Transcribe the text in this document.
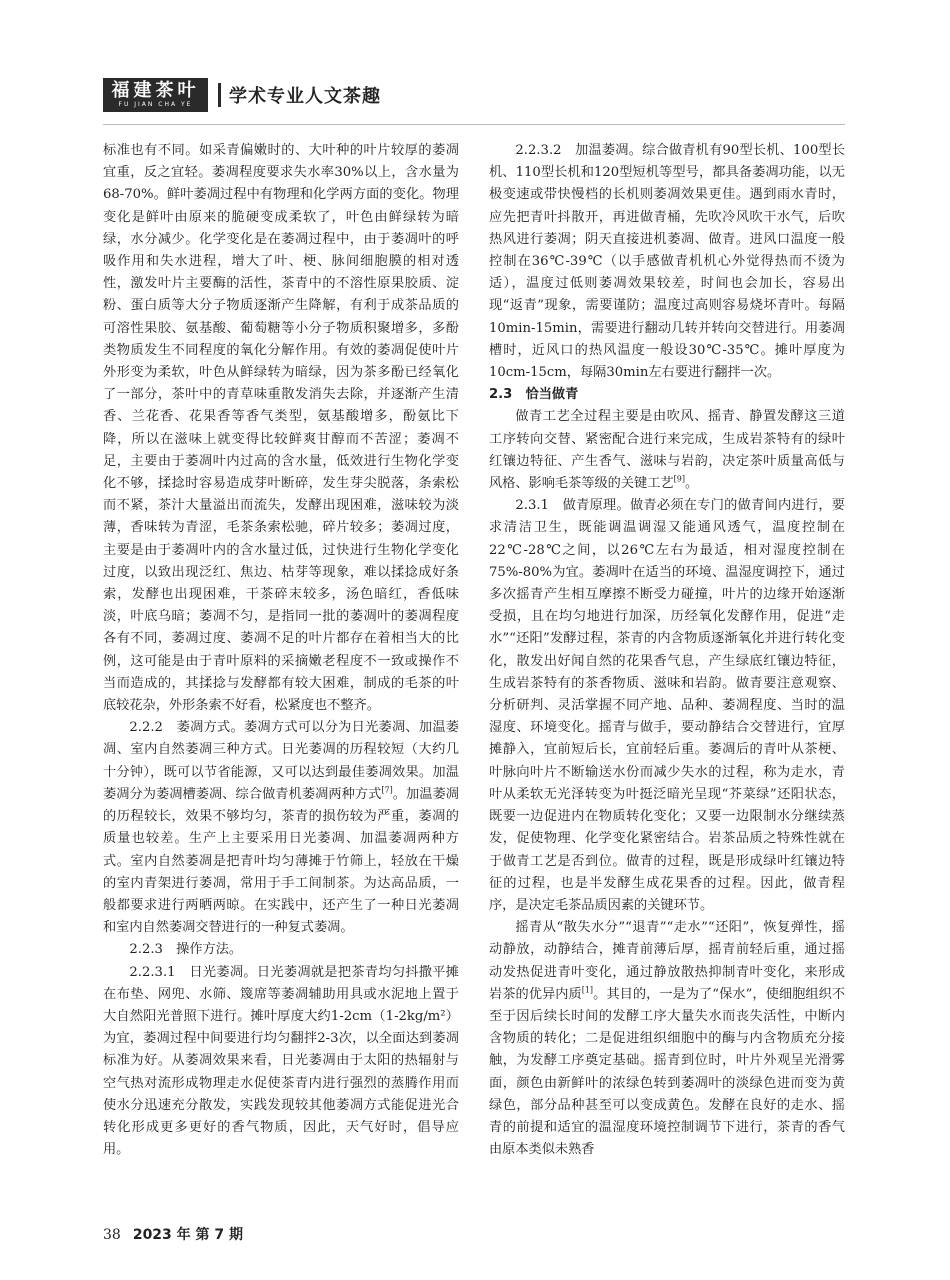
福建茶叶
FU JIAN CHA YE 学术专业人文茶趣

标准也有不同。如采青偏嫩时的、大叶种的叶片较厚的萎凋宜重，反之宜轻。萎凋程度要求失水率30%以上，含水量为68-70%。鲜叶萎凋过程中有物理和化学两方面的变化。物理变化是鲜叶由原来的脆硬变成柔软了，叶色由鲜绿转为暗绿，水分减少。化学变化是在萎凋过程中，由于萎凋叶的呼吸作用和失水进程，增大了叶、梗、脉间细胞膜的相对透性，激发叶片主要酶的活性，茶青中的不溶性原果胶质、淀粉、蛋白质等大分子物质逐渐产生降解，有利于成茶品质的可溶性果胶、氨基酸、葡萄糖等小分子物质积聚增多，多酚类物质发生不同程度的氧化分解作用。有效的萎凋促使叶片外形变为柔软，叶色从鲜绿转为暗绿，因为茶多酚已经氧化了一部分，茶叶中的青草味重散发消失去除，并逐渐产生清香、兰花香、花果香等香气类型，氨基酸增多，酚氨比下降，所以在滋味上就变得比较鲜爽甘醇而不苦涩；萎凋不足，主要由于萎凋叶内过高的含水量，低效进行生物化学变化不够，揉捻时容易造成芽叶断碎，发生芽尖脱落，条索松而不紧，茶汁大量溢出而流失，发酵出现困难，滋味较为淡薄，香味转为青涩，毛茶条索松驰，碎片较多；萎凋过度，主要是由于萎凋叶内的含水量过低，过快进行生物化学变化过度，以致出现泛红、焦边、枯芽等现象，难以揉捻成好条索，发酵也出现困难，干茶碎末较多，汤色暗红，香低味淡，叶底乌暗；萎凋不匀，是指同一批的萎凋叶的萎凋程度各有不同，萎凋过度、萎凋不足的叶片都存在着相当大的比例，这可能是由于青叶原料的采摘嫩老程度不一致或操作不当而造成的，其揉捻与发酵都有较大困难，制成的毛茶的叶底较花杂，外形条索不好看，松紧度也不整齐。

2.2.2　萎凋方式。萎凋方式可以分为日光萎凋、加温萎凋、室内自然萎凋三种方式。日光萎凋的历程较短（大约几十分钟），既可以节省能源，又可以达到最佳萎凋效果。加温萎凋分为萎凋槽萎凋、综合做青机萎凋两种方式[7]。加温萎凋的历程较长，效果不够均匀，茶青的损伤较为严重，萎凋的质量也较差。生产上主要采用日光萎凋、加温萎凋两种方式。室内自然萎凋是把青叶均匀薄摊于竹筛上，轻放在干燥的室内青架进行萎凋，常用于手工间制茶。为达高品质，一般都要求进行两晒两晾。在实践中，还产生了一种日光萎凋和室内自然萎凋交替进行的一种复式萎凋。

2.2.3　操作方法。

2.2.3.1　日光萎凋。日光萎凋就是把茶青均匀抖撒平摊在布垫、网兜、水筛、篾席等萎凋辅助用具或水泥地上置于大自然阳光普照下进行。摊叶厚度大约1-2cm（1-2kg/m²）为宜，萎凋过程中间要进行均匀翻拌2-3次，以全面达到萎凋标准为好。从萎凋效果来看，日光萎凋由于太阳的热辐射与空气热对流形成物理走水促使茶青内进行强烈的蒸腾作用而使水分迅速充分散发，实践发现较其他萎凋方式能促进光合转化形成更多更好的香气物质，因此，天气好时，倡导应用。

2.2.3.2　加温萎凋。综合做青机有90型长机、100型长机、110型长机和120型短机等型号，都具备萎凋功能，以无极变速或带快慢档的长机则萎凋效果更佳。遇到雨水青时，应先把青叶抖散开，再进做青桶，先吹冷风吹干水气，后吹热风进行萎凋；阴天直接进机萎凋、做青。进风口温度一般控制在36℃-39℃（以手感做青机机心外觉得热而不烫为适），温度过低则萎凋效果较差，时间也会加长，容易出现“返青”现象，需要谨防；温度过高则容易烧坏青叶。每隔10min-15min，需要进行翻动几转并转向交替进行。用萎凋槽时，近风口的热风温度一般设30℃-35℃。摊叶厚度为10cm-15cm，每隔30min左右要进行翻拌一次。

2.3　恰当做青

做青工艺全过程主要是由吹风、摇青、静置发酵这三道工序转向交替、紧密配合进行来完成，生成岩茶特有的绿叶红镶边特征、产生香气、滋味与岩韵，决定茶叶质量高低与风格、影响毛茶等级的关键工艺[9]。

2.3.1　做青原理。做青必须在专门的做青间内进行，要求清洁卫生，既能调温调湿又能通风透气，温度控制在22℃-28℃之间，以26℃左右为最适，相对湿度控制在75%-80%为宜。萎凋叶在适当的环境、温湿度调控下，通过多次摇青产生相互摩擦不断受力碰撞，叶片的边缘开始逐渐受损，且在均匀地进行加深，历经氧化发酵作用，促进“走水”“还阳”发酵过程，茶青的内含物质逐渐氧化并进行转化变化，散发出好闻自然的花果香气息，产生绿底红镶边特征，生成岩茶特有的茶香物质、滋味和岩韵。做青要注意观察、分析研判、灵活掌握不同产地、品种、萎凋程度、当时的温湿度、环境变化。摇青与做手，要动静结合交替进行，宜厚摊静入，宜前短后长，宜前轻后重。萎凋后的青叶从茶梗、叶脉向叶片不断输送水份而减少失水的过程，称为走水，青叶从柔软无光泽转变为叶挺泛暗光呈现“芥菜绿”还阳状态，既要一边促进内在物质转化变化；又要一边限制水分继续蒸发，促使物理、化学变化紧密结合。岩茶品质之特殊性就在于做青工艺是否到位。做青的过程，既是形成绿叶红镶边特征的过程，也是半发酵生成花果香的过程。因此，做青程序，是决定毛茶品质因素的关键环节。

摇青从“散失水分”“退青”“走水”“还阳”，恢复弹性，摇动静放，动静结合，摊青前薄后厚，摇青前轻后重，通过摇动发热促进青叶变化，通过静放散热抑制青叶变化，来形成岩茶的优异内质[1]。其目的，一是为了“保水”，使细胞组织不至于因后续长时间的发酵工序大量失水而丧失活性，中断内含物质的转化；二是促进组织细胞中的酶与内含物质充分接触，为发酵工序奠定基础。摇青到位时，叶片外观呈光滑雾面，颜色由新鲜叶的浓绿色转到萎凋叶的淡绿色进而变为黄绿色，部分品种甚至可以变成黄色。发酵在良好的走水、摇青的前提和适宜的温湿度环境控制调节下进行，茶青的香气由原本类似未熟香

38 2023 年 第 7 期
